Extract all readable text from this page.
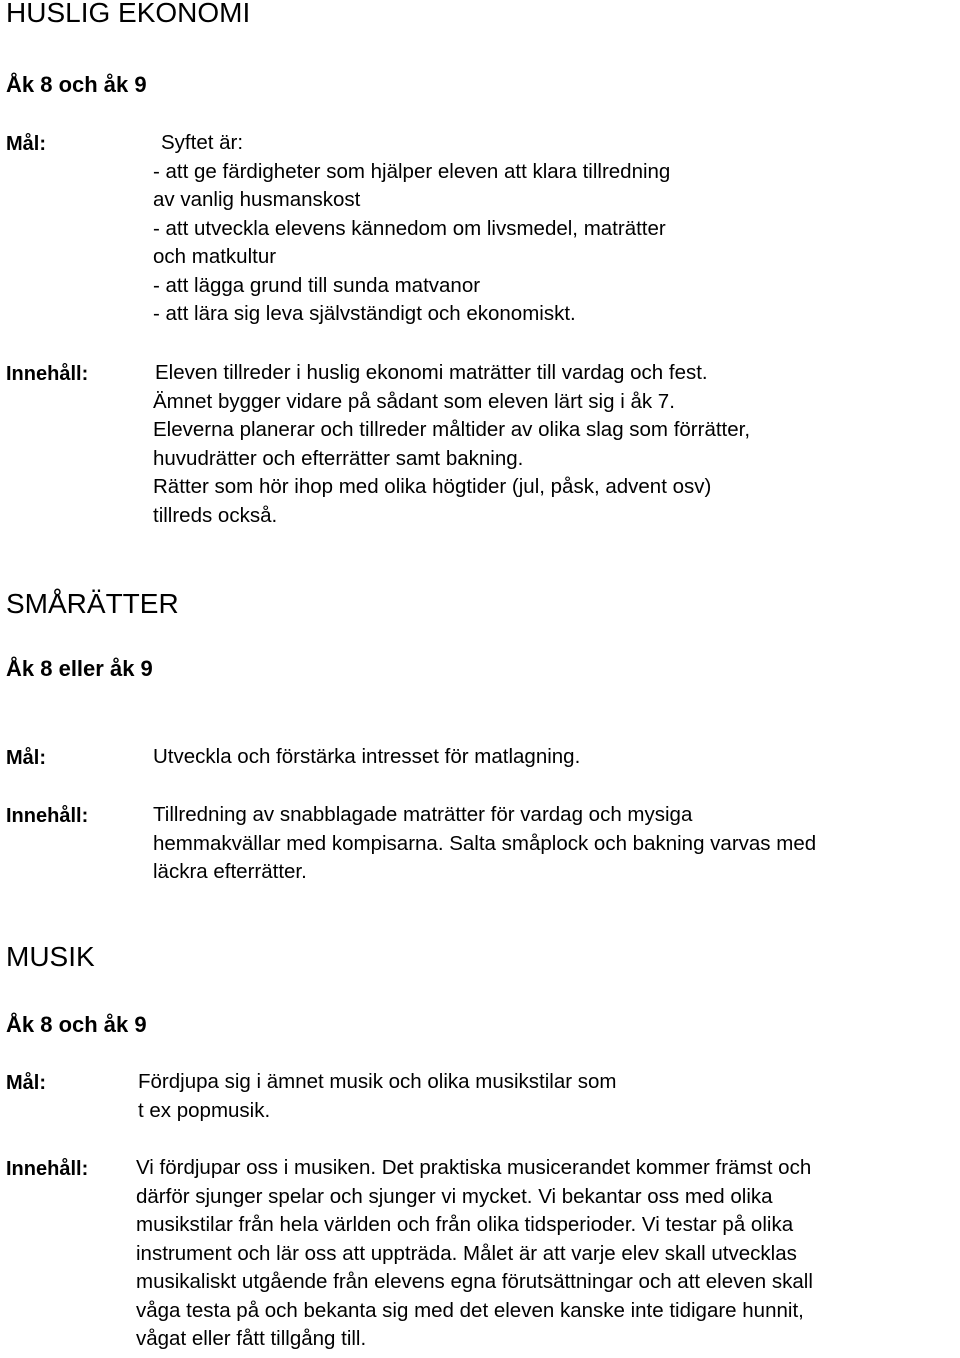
HUSLIG EKONOMI
Åk 8 och åk 9
Mål:	Syftet är:
- att ge färdigheter som hjälper eleven att klara tillredning
av vanlig husmanskost
- att utveckla elevens kännedom om livsmedel, maträtter
och matkultur
- att lägga grund till sunda matvanor
- att lära sig leva självständigt och ekonomiskt.
Innehåll:	Eleven tillreder i huslig ekonomi maträtter till vardag och fest.
Ämnet bygger vidare på sådant som eleven lärt sig i åk 7.
Eleverna planerar och tillreder måltider av olika slag som förrätter,
huvudrätter och efterrätter samt bakning.
Rätter som hör ihop med olika högtider (jul, påsk, advent osv)
tillreds också.
SMÅRÄTTER
Åk 8 eller åk 9
Mål:	Utveckla och förstärka intresset för matlagning.
Innehåll:	Tillredning av snabblagade maträtter för vardag och mysiga
hemmakvällar med kompisarna. Salta småplock och bakning varvas med
läckra efterrätter.
MUSIK
Åk 8 och åk 9
Mål:	Fördjupa sig i ämnet musik och olika musikstilar som
t ex popmusik.
Innehåll: Vi fördjupar oss i musiken. Det praktiska musicerandet kommer främst och
därför sjunger spelar och sjunger vi mycket. Vi bekantar oss med olika
musikstilar från hela världen och från olika tidsperioder. Vi testar på olika
instrument och lär oss att uppträda. Målet är att varje elev skall utvecklas
musikaliskt utgående från elevens egna förutsättningar och att eleven skall
våga testa på och bekanta sig med det eleven kanske inte tidigare hunnit,
vågat eller fått tillgång till.
